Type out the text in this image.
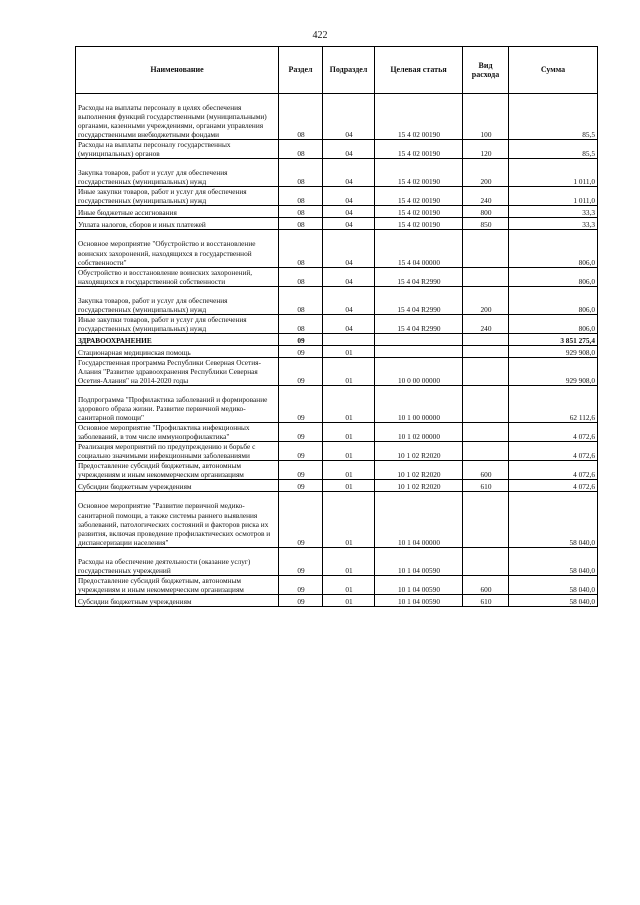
422
Наименование	Раздел	Подраздел	Целевая статья	Вид расхода	Сумма

Расходы на выплаты персоналу в целях обеспечения выполнения функций государственными (муниципальными) органами, казенными учреждениями, органами управления государственными внебюджетными фондами	08	04	15 4 02 00190	100	85,5
Расходы на выплаты персоналу государственных (муниципальных) органов	08	04	15 4 02 00190	120	85,5

Закупка товаров, работ и услуг для обеспечения государственных (муниципальных) нужд	08	04	15 4 02 00190	200	1 011,0
Иные закупки товаров, работ и услуг для обеспечения государственных (муниципальных) нужд	08	04	15 4 02 00190	240	1 011,0
Иные бюджетные ассигнования	08	04	15 4 02 00190	800	33,3
Уплата налогов, сборов и иных платежей	08	04	15 4 02 00190	850	33,3

Основное мероприятие "Обустройство и восстановление воинских захоронений, находящихся в государственной собственности"	08	04	15 4 04 00000		806,0
Обустройство и восстановление воинских захоронений, находящихся в государственной собственности	08	04	15 4 04 R2990		806,0

Закупка товаров, работ и услуг для обеспечения государственных (муниципальных) нужд	08	04	15 4 04 R2990	200	806,0
Иные закупки товаров, работ и услуг для обеспечения государственных (муниципальных) нужд	08	04	15 4 04 R2990	240	806,0
ЗДРАВООХРАНЕНИЕ	09				3 851 275,4
Стационарная медицинская помощь	09	01			929 908,0
Государственная программа Республики Северная Осетия-Алания "Развитие здравоохранения Республики Северная Осетия-Алания" на 2014-2020 годы	09	01	10 0 00 00000		929 908,0

Подпрограмма "Профилактика заболеваний и формирование здорового образа жизни. Развитие первичной медико-санитарной помощи"	09	01	10 1 00 00000		62 112,6
Основное мероприятие "Профилактика инфекционных заболеваний, в том числе иммунопрофилактика"	09	01	10 1 02 00000		4 072,6
Реализация мероприятий по предупреждению и борьбе с социально значимыми инфекционными заболеваниями	09	01	10 1 02 R2020		4 072,6
Предоставление субсидий бюджетным, автономным учреждениям и иным некоммерческим организациям	09	01	10 1 02 R2020	600	4 072,6
Субсидии бюджетным учреждениям	09	01	10 1 02 R2020	610	4 072,6

Основное мероприятие "Развитие первичной медико-санитарной помощи, а также системы раннего выявления заболеваний, патологических состояний и факторов риска их развития, включая проведение профилактических осмотров и диспансеризации населения"	09	01	10 1 04 00000		58 040,0

Расходы на обеспечение деятельности (оказание услуг) государственных учреждений	09	01	10 1 04 00590		58 040,0
Предоставление субсидий бюджетным, автономным учреждениям и иным некоммерческим организациям	09	01	10 1 04 00590	600	58 040,0
Субсидии бюджетным учреждениям	09	01	10 1 04 00590	610	58 040,0
